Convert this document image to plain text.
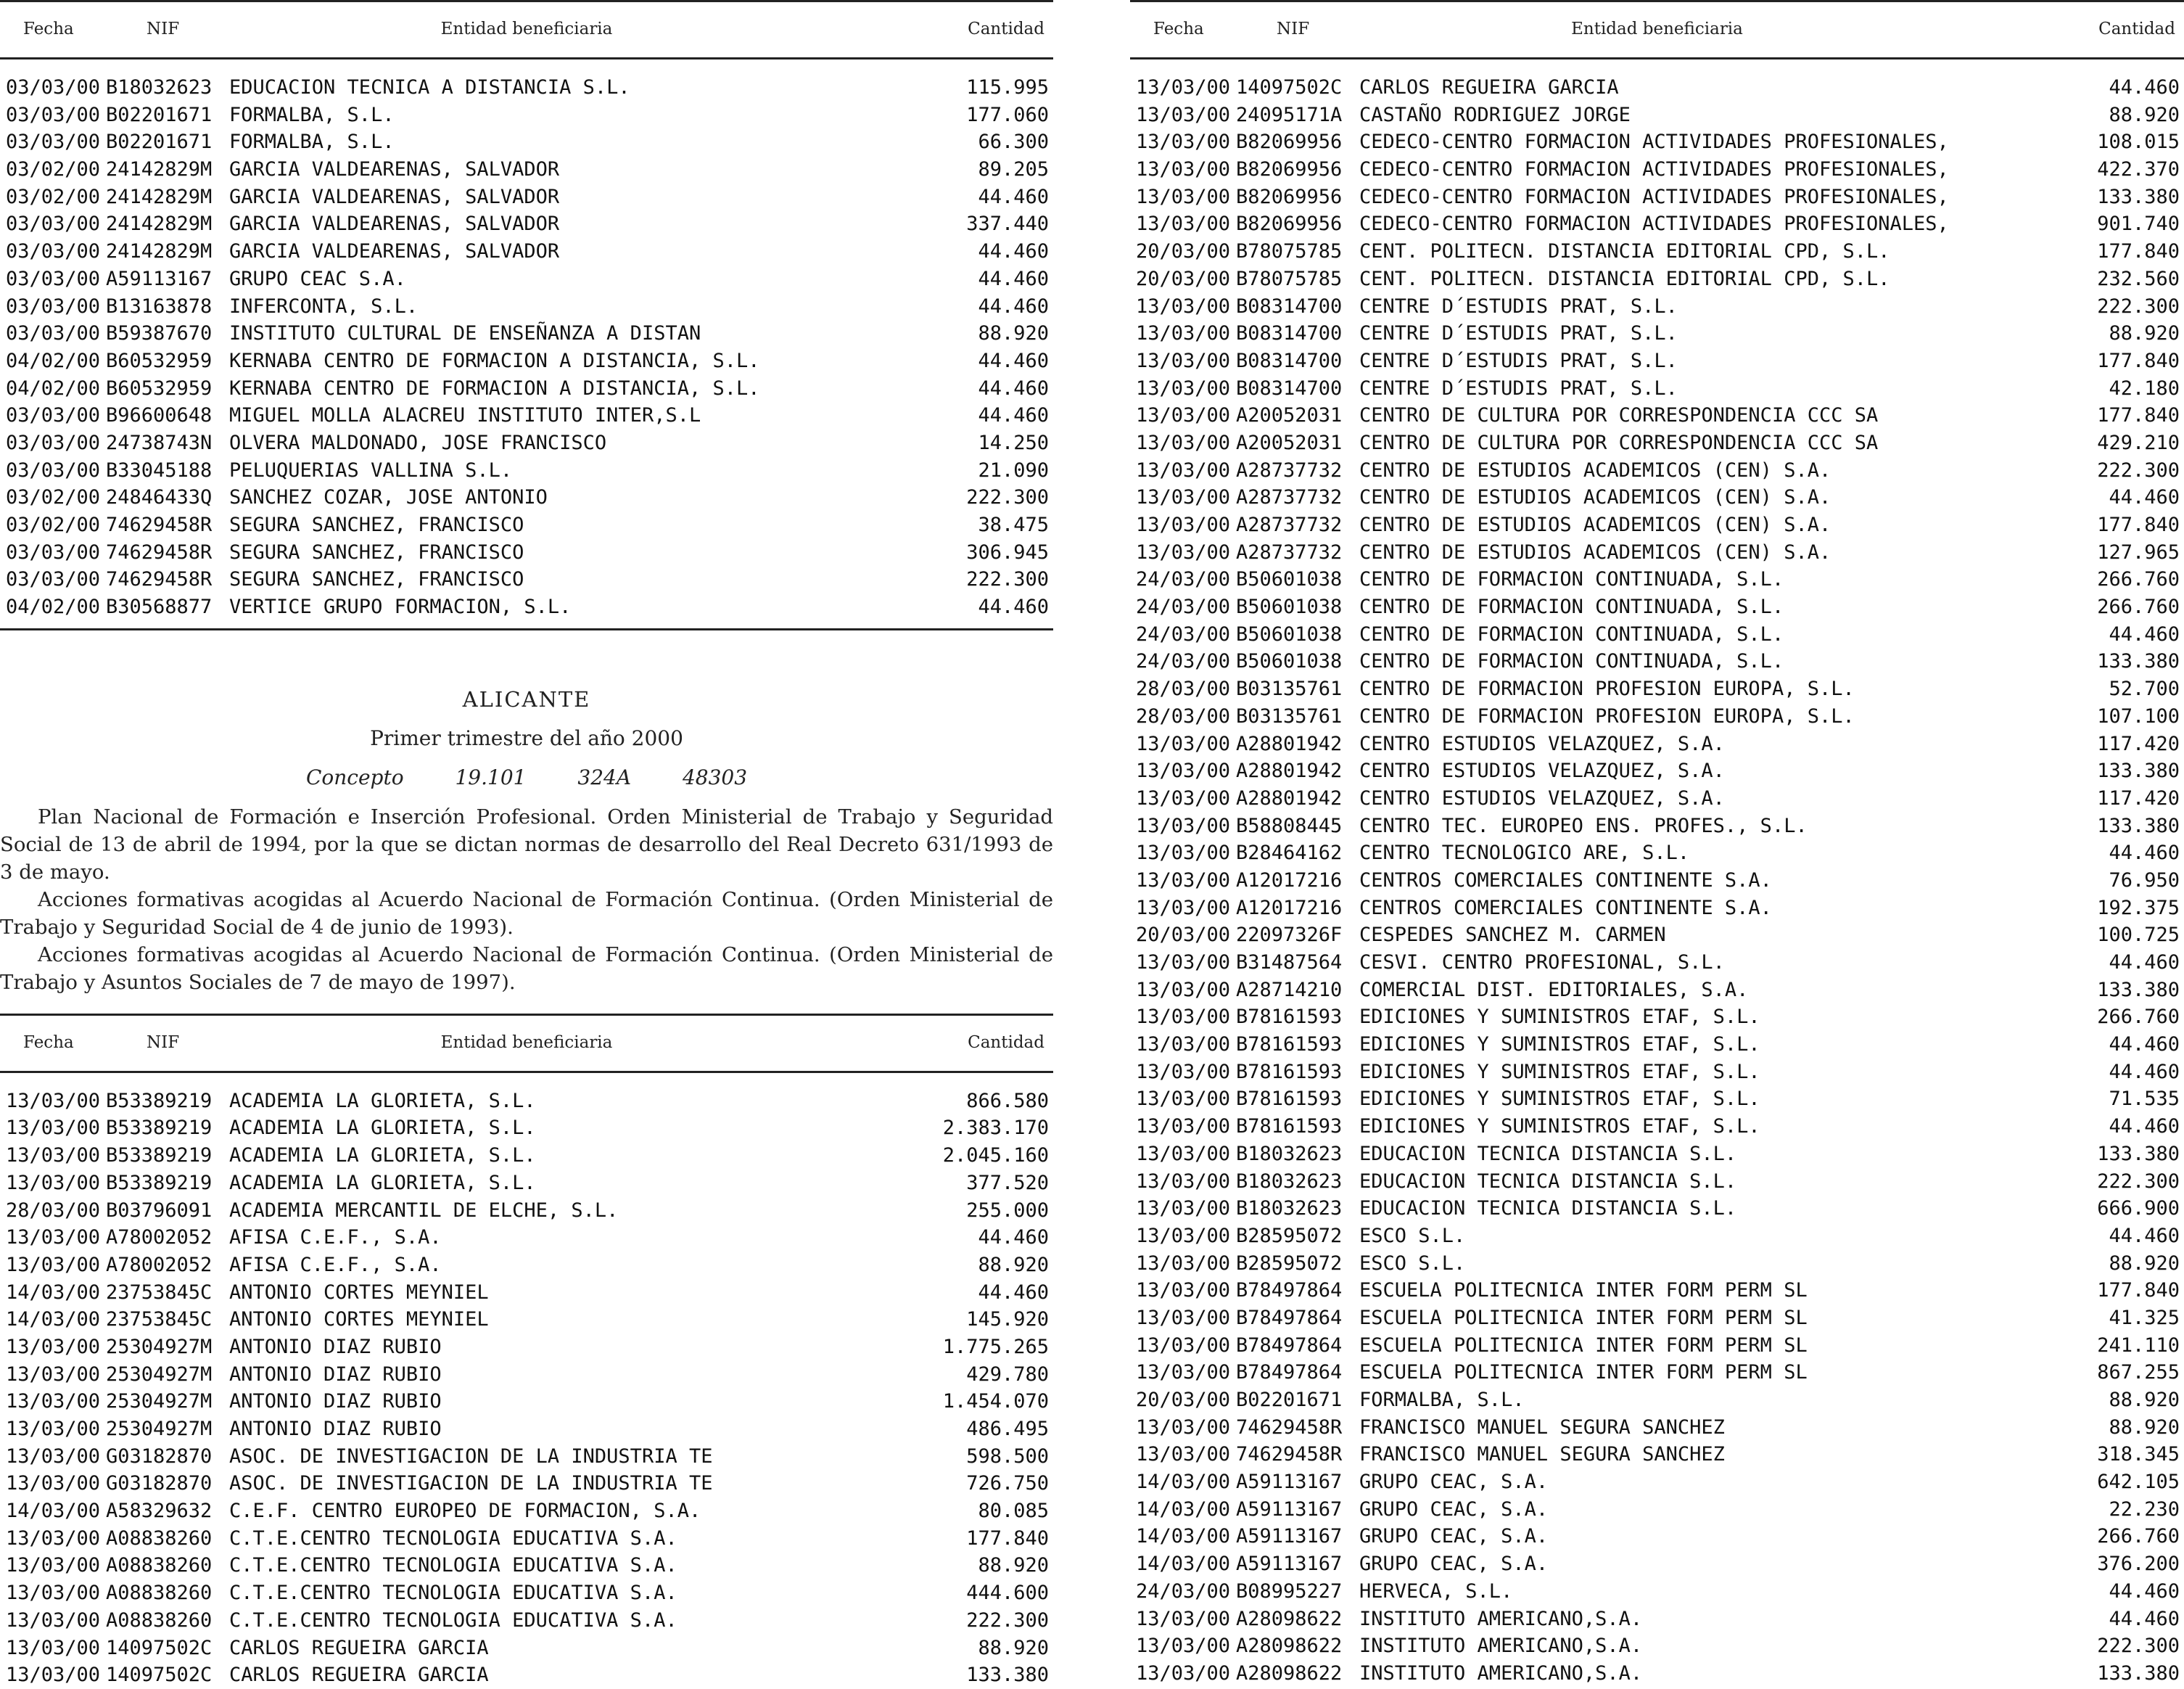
Fecha	NIF	Entidad beneficiaria	Cantidad
03/03/00 B18032623 EDUCACION TECNICA A DISTANCIA S.L.	115.995
03/03/00 B02201671 FORMALBA, S.L.	177.060
03/03/00 B02201671 FORMALBA, S.L.	66.300
03/02/00 24142829M GARCIA VALDEARENAS, SALVADOR	89.205
03/02/00 24142829M GARCIA VALDEARENAS, SALVADOR	44.460
03/03/00 24142829M GARCIA VALDEARENAS, SALVADOR	337.440
03/03/00 24142829M GARCIA VALDEARENAS, SALVADOR	44.460
03/03/00 A59113167 GRUPO CEAC S.A.	44.460
03/03/00 B13163878 INFERCONTA, S.L.	44.460
03/03/00 B59387670 INSTITUTO CULTURAL DE ENSEÑANZA A DISTAN	88.920
04/02/00 B60532959 KERNABA CENTRO DE FORMACION A DISTANCIA, S.L.	44.460
04/02/00 B60532959 KERNABA CENTRO DE FORMACION A DISTANCIA, S.L.	44.460
03/03/00 B96600648 MIGUEL MOLLA ALACREU INSTITUTO INTER,S.L	44.460
03/03/00 24738743N OLVERA MALDONADO, JOSE FRANCISCO	14.250
03/03/00 B33045188 PELUQUERIAS VALLINA S.L.	21.090
03/02/00 24846433Q SANCHEZ COZAR, JOSE ANTONIO	222.300
03/02/00 74629458R SEGURA SANCHEZ, FRANCISCO	38.475
03/03/00 74629458R SEGURA SANCHEZ, FRANCISCO	306.945
03/03/00 74629458R SEGURA SANCHEZ, FRANCISCO	222.300
04/02/00 B30568877 VERTICE GRUPO FORMACION, S.L.	44.460
ALICANTE
Primer trimestre del año 2000
Concepto	19.101	324A	48303

Plan Nacional de Formación e Inserción Profesional. Orden Ministerial de Trabajo y Seguridad Social de 13 de abril de 1994, por la que se dictan normas de desarrollo del Real Decreto 631/1993 de 3 de mayo.

Acciones formativas acogidas al Acuerdo Nacional de Formación Continua. (Orden Ministerial de Trabajo y Seguridad Social de 4 de junio de 1993).

Acciones formativas acogidas al Acuerdo Nacional de Formación Continua. (Orden Ministerial de Trabajo y Asuntos Sociales de 7 de mayo de 1997).

Fecha	NIF	Entidad beneficiaria	Cantidad
13/03/00 B53389219 ACADEMIA LA GLORIETA, S.L.	866.580
13/03/00 B53389219 ACADEMIA LA GLORIETA, S.L.	2.383.170
13/03/00 B53389219 ACADEMIA LA GLORIETA, S.L.	2.045.160
13/03/00 B53389219 ACADEMIA LA GLORIETA, S.L.	377.520
28/03/00 B03796091 ACADEMIA MERCANTIL DE ELCHE, S.L.	255.000
13/03/00 A78002052 AFISA C.E.F., S.A.	44.460
13/03/00 A78002052 AFISA C.E.F., S.A.	88.920
14/03/00 23753845C ANTONIO CORTES MEYNIEL	44.460
14/03/00 23753845C ANTONIO CORTES MEYNIEL	145.920
13/03/00 25304927M ANTONIO DIAZ RUBIO	1.775.265
13/03/00 25304927M ANTONIO DIAZ RUBIO	429.780
13/03/00 25304927M ANTONIO DIAZ RUBIO	1.454.070
13/03/00 25304927M ANTONIO DIAZ RUBIO	486.495
13/03/00 G03182870 ASOC. DE INVESTIGACION DE LA INDUSTRIA TE	598.500
13/03/00 G03182870 ASOC. DE INVESTIGACION DE LA INDUSTRIA TE	726.750
14/03/00 A58329632 C.E.F. CENTRO EUROPEO DE FORMACION, S.A.	80.085
13/03/00 A08838260 C.T.E.CENTRO TECNOLOGIA EDUCATIVA S.A.	177.840
13/03/00 A08838260 C.T.E.CENTRO TECNOLOGIA EDUCATIVA S.A.	88.920
13/03/00 A08838260 C.T.E.CENTRO TECNOLOGIA EDUCATIVA S.A.	444.600
13/03/00 A08838260 C.T.E.CENTRO TECNOLOGIA EDUCATIVA S.A.	222.300
13/03/00 14097502C CARLOS REGUEIRA GARCIA	88.920
13/03/00 14097502C CARLOS REGUEIRA GARCIA	133.380
Fecha	NIF	Entidad beneficiaria	Cantidad
13/03/00 14097502C CARLOS REGUEIRA GARCIA	44.460
13/03/00 24095171A CASTAÑO RODRIGUEZ JORGE	88.920
13/03/00 B82069956 CEDECO-CENTRO FORMACION ACTIVIDADES PROFESIONALES,	108.015
13/03/00 B82069956 CEDECO-CENTRO FORMACION ACTIVIDADES PROFESIONALES,	422.370
13/03/00 B82069956 CEDECO-CENTRO FORMACION ACTIVIDADES PROFESIONALES,	133.380
13/03/00 B82069956 CEDECO-CENTRO FORMACION ACTIVIDADES PROFESIONALES,	901.740
20/03/00 B78075785 CENT. POLITECN. DISTANCIA EDITORIAL CPD, S.L.	177.840
20/03/00 B78075785 CENT. POLITECN. DISTANCIA EDITORIAL CPD, S.L.	232.560
13/03/00 B08314700 CENTRE D´ESTUDIS PRAT, S.L.	222.300
13/03/00 B08314700 CENTRE D´ESTUDIS PRAT, S.L.	88.920
13/03/00 B08314700 CENTRE D´ESTUDIS PRAT, S.L.	177.840
13/03/00 B08314700 CENTRE D´ESTUDIS PRAT, S.L.	42.180
13/03/00 A20052031 CENTRO DE CULTURA POR CORRESPONDENCIA CCC SA	177.840
13/03/00 A20052031 CENTRO DE CULTURA POR CORRESPONDENCIA CCC SA	429.210
13/03/00 A28737732 CENTRO DE ESTUDIOS ACADEMICOS (CEN) S.A.	222.300
13/03/00 A28737732 CENTRO DE ESTUDIOS ACADEMICOS (CEN) S.A.	44.460
13/03/00 A28737732 CENTRO DE ESTUDIOS ACADEMICOS (CEN) S.A.	177.840
13/03/00 A28737732 CENTRO DE ESTUDIOS ACADEMICOS (CEN) S.A.	127.965
24/03/00 B50601038 CENTRO DE FORMACION CONTINUADA, S.L.	266.760
24/03/00 B50601038 CENTRO DE FORMACION CONTINUADA, S.L.	266.760
24/03/00 B50601038 CENTRO DE FORMACION CONTINUADA, S.L.	44.460
24/03/00 B50601038 CENTRO DE FORMACION CONTINUADA, S.L.	133.380
28/03/00 B03135761 CENTRO DE FORMACION PROFESION EUROPA, S.L.	52.700
28/03/00 B03135761 CENTRO DE FORMACION PROFESION EUROPA, S.L.	107.100
13/03/00 A28801942 CENTRO ESTUDIOS VELAZQUEZ, S.A.	117.420
13/03/00 A28801942 CENTRO ESTUDIOS VELAZQUEZ, S.A.	133.380
13/03/00 A28801942 CENTRO ESTUDIOS VELAZQUEZ, S.A.	117.420
13/03/00 B58808445 CENTRO TEC. EUROPEO ENS. PROFES., S.L.	133.380
13/03/00 B28464162 CENTRO TECNOLOGICO ARE, S.L.	44.460
13/03/00 A12017216 CENTROS COMERCIALES CONTINENTE S.A.	76.950
13/03/00 A12017216 CENTROS COMERCIALES CONTINENTE S.A.	192.375
20/03/00 22097326F CESPEDES SANCHEZ M. CARMEN	100.725
13/03/00 B31487564 CESVI. CENTRO PROFESIONAL, S.L.	44.460
13/03/00 A28714210 COMERCIAL DIST. EDITORIALES, S.A.	133.380
13/03/00 B78161593 EDICIONES Y SUMINISTROS ETAF, S.L.	266.760
13/03/00 B78161593 EDICIONES Y SUMINISTROS ETAF, S.L.	44.460
13/03/00 B78161593 EDICIONES Y SUMINISTROS ETAF, S.L.	44.460
13/03/00 B78161593 EDICIONES Y SUMINISTROS ETAF, S.L.	71.535
13/03/00 B78161593 EDICIONES Y SUMINISTROS ETAF, S.L.	44.460
13/03/00 B18032623 EDUCACION TECNICA DISTANCIA S.L.	133.380
13/03/00 B18032623 EDUCACION TECNICA DISTANCIA S.L.	222.300
13/03/00 B18032623 EDUCACION TECNICA DISTANCIA S.L.	666.900
13/03/00 B28595072 ESCO S.L.	44.460
13/03/00 B28595072 ESCO S.L.	88.920
13/03/00 B78497864 ESCUELA POLITECNICA INTER FORM PERM SL	177.840
13/03/00 B78497864 ESCUELA POLITECNICA INTER FORM PERM SL	41.325
13/03/00 B78497864 ESCUELA POLITECNICA INTER FORM PERM SL	241.110
13/03/00 B78497864 ESCUELA POLITECNICA INTER FORM PERM SL	867.255
20/03/00 B02201671 FORMALBA, S.L.	88.920
13/03/00 74629458R FRANCISCO MANUEL SEGURA SANCHEZ	88.920
13/03/00 74629458R FRANCISCO MANUEL SEGURA SANCHEZ	318.345
14/03/00 A59113167 GRUPO CEAC, S.A.	642.105
14/03/00 A59113167 GRUPO CEAC, S.A.	22.230
14/03/00 A59113167 GRUPO CEAC, S.A.	266.760
14/03/00 A59113167 GRUPO CEAC, S.A.	376.200
24/03/00 B08995227 HERVECA, S.L.	44.460
13/03/00 A28098622 INSTITUTO AMERICANO,S.A.	44.460
13/03/00 A28098622 INSTITUTO AMERICANO,S.A.	222.300
13/03/00 A28098622 INSTITUTO AMERICANO,S.A.	133.380
